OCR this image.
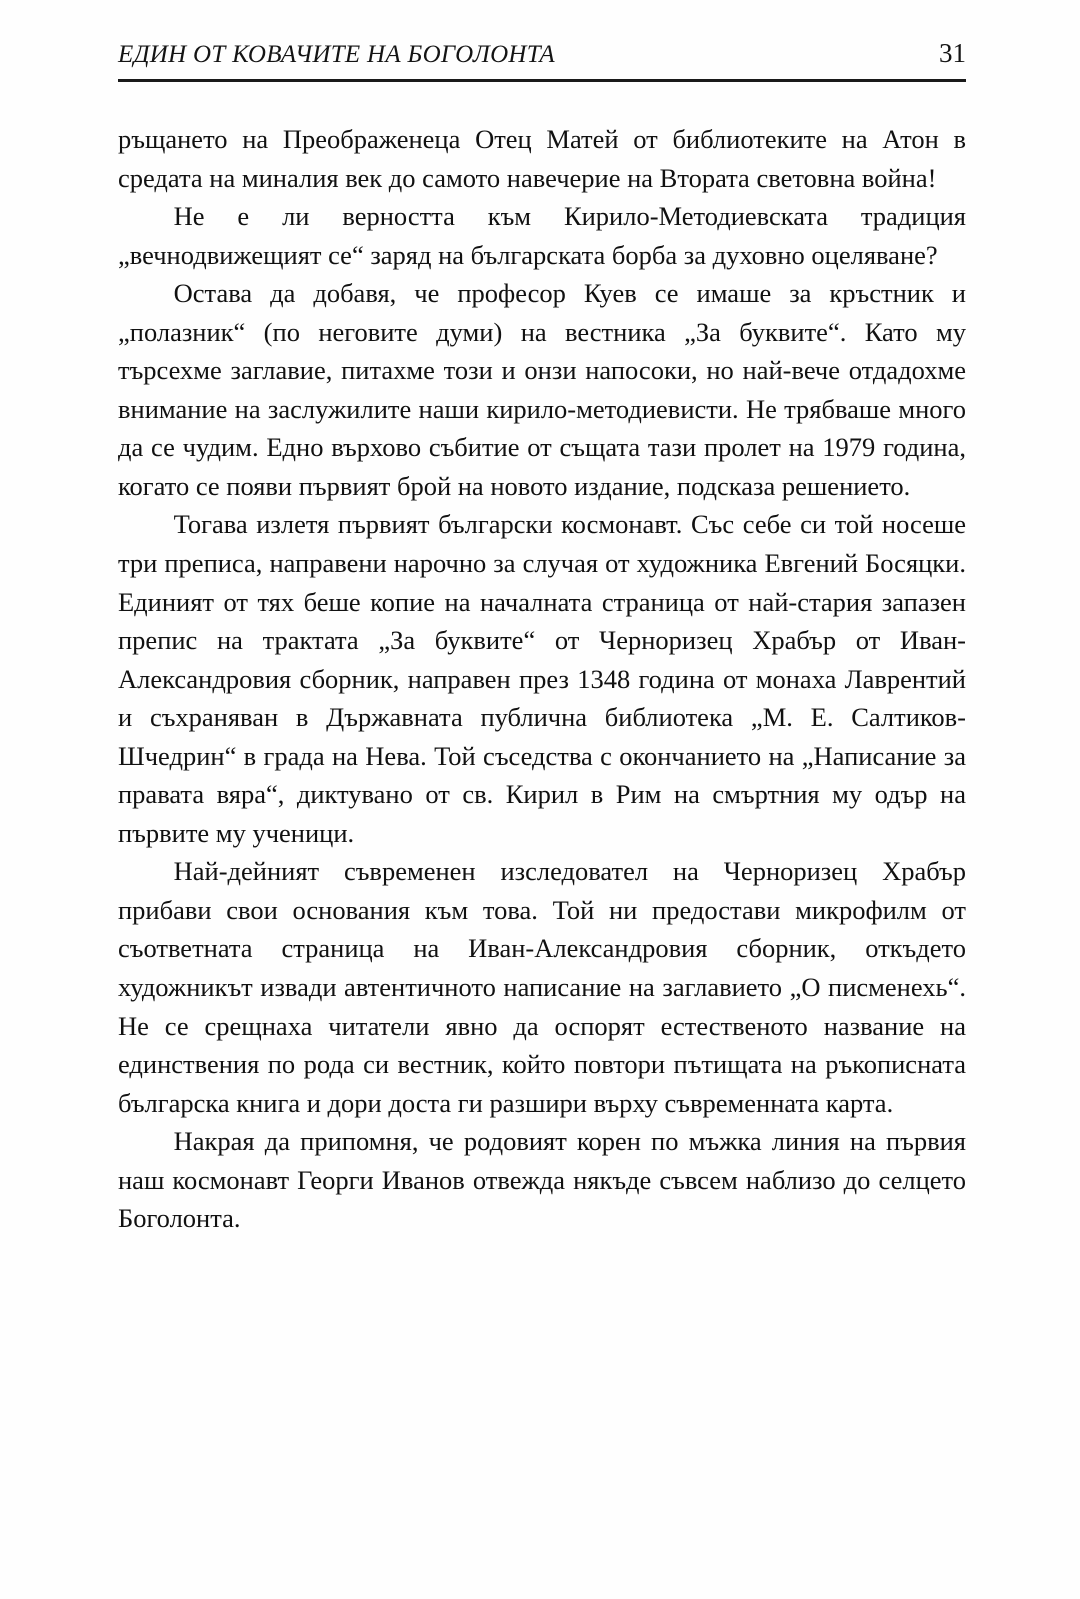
ЕДИН ОТ КОВАЧИТЕ НА БОГОЛОНТА	31

ръщането на Преображенеца Отец Матей от библиотеките на Атон в средата на миналия век до самото навечерие на Втората световна война!

Не е ли верността към Кирило-Методиевската традиция „вечнодвижещият се“ заряд на българската борба за духовно оцеляване?

Остава да добавя, че професор Куев се имаше за кръстник и „полазник“ (по неговите думи) на вестника „За буквите“. Като му търсехме заглавие, питахме този и онзи напосоки, но най-вече отдадохме внимание на заслужилите наши кирило-методиевисти. Не трябваше много да се чудим. Едно върхово събитие от същата тази пролет на 1979 година, когато се появи първият брой на новото издание, подсказа решението.

Тогава излетя първият български космонавт. Със себе си той носеше три преписа, направени нарочно за случая от художника Евгений Босяцки. Единият от тях беше копие на началната страница от най-стария запазен препис на трактата „За буквите“ от Черноризец Храбър от Иван-Александровия сборник, направен през 1348 година от монаха Лаврентий и съхраняван в Държавната публична библиотека „М. Е. Салтиков-Шчедрин“ в града на Нева. Той съседства с окончанието на „Написание за правата вяра“, диктувано от св. Кирил в Рим на смъртния му одър на първите му ученици.

Най-дейният съвременен изследовател на Черноризец Храбър прибави свои основания към това. Той ни предостави микрофилм от съответната страница на Иван-Александровия сборник, откъдето художникът извади автентичното написание на заглавието „О писменехь“. Не се срещнаха читатели явно да оспорят естественото название на единствения по рода си вестник, който повтори пътищата на ръкописната българска книга и дори доста ги разшири върху съвременната карта.

Накрая да припомня, че родовият корен по мъжка линия на първия наш космонавт Георги Иванов отвежда някъде съвсем наблизо до селцето Боголонта.
